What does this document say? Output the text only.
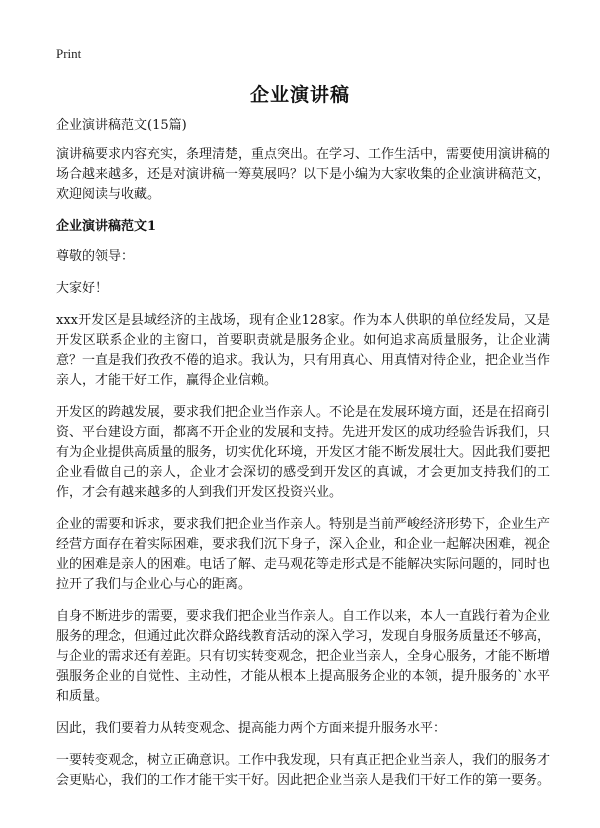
Print
企业演讲稿

企业演讲稿范文(15篇)

演讲稿要求内容充实，条理清楚，重点突出。在学习、工作生活中，需要使用演讲稿的场合越来越多，还是对演讲稿一筹莫展吗？以下是小编为大家收集的企业演讲稿范文，欢迎阅读与收藏。

企业演讲稿范文1

尊敬的领导：

大家好！

xxx开发区是县域经济的主战场，现有企业128家。作为本人供职的单位经发局，又是开发区联系企业的主窗口，首要职责就是服务企业。如何追求高质量服务，让企业满意？一直是我们孜孜不倦的追求。我认为，只有用真心、用真情对待企业，把企业当作亲人，才能干好工作，赢得企业信赖。

开发区的跨越发展，要求我们把企业当作亲人。不论是在发展环境方面，还是在招商引资、平台建设方面，都离不开企业的发展和支持。先进开发区的成功经验告诉我们，只有为企业提供高质量的服务，切实优化环境，开发区才能不断发展壮大。因此我们要把企业看做自己的亲人，企业才会深切的感受到开发区的真诚，才会更加支持我们的工作，才会有越来越多的人到我们开发区投资兴业。

企业的需要和诉求，要求我们把企业当作亲人。特别是当前严峻经济形势下，企业生产经营方面存在着实际困难，要求我们沉下身子，深入企业，和企业一起解决困难，视企业的困难是亲人的困难。电话了解、走马观花等走形式是不能解决实际问题的，同时也拉开了我们与企业心与心的距离。

自身不断进步的需要，要求我们把企业当作亲人。自工作以来，本人一直践行着为企业服务的理念，但通过此次群众路线教育活动的深入学习，发现自身服务质量还不够高，与企业的需求还有差距。只有切实转变观念，把企业当亲人，全身心服务，才能不断增强服务企业的自觉性、主动性，才能从根本上提高服务企业的本领，提升服务的`水平和质量。

因此，我们要着力从转变观念、提高能力两个方面来提升服务水平：

一要转变观念，树立正确意识。工作中我发现，只有真正把企业当亲人，我们的服务才会更贴心，我们的工作才能干实干好。因此把企业当亲人是我们干好工作的第一要务。
